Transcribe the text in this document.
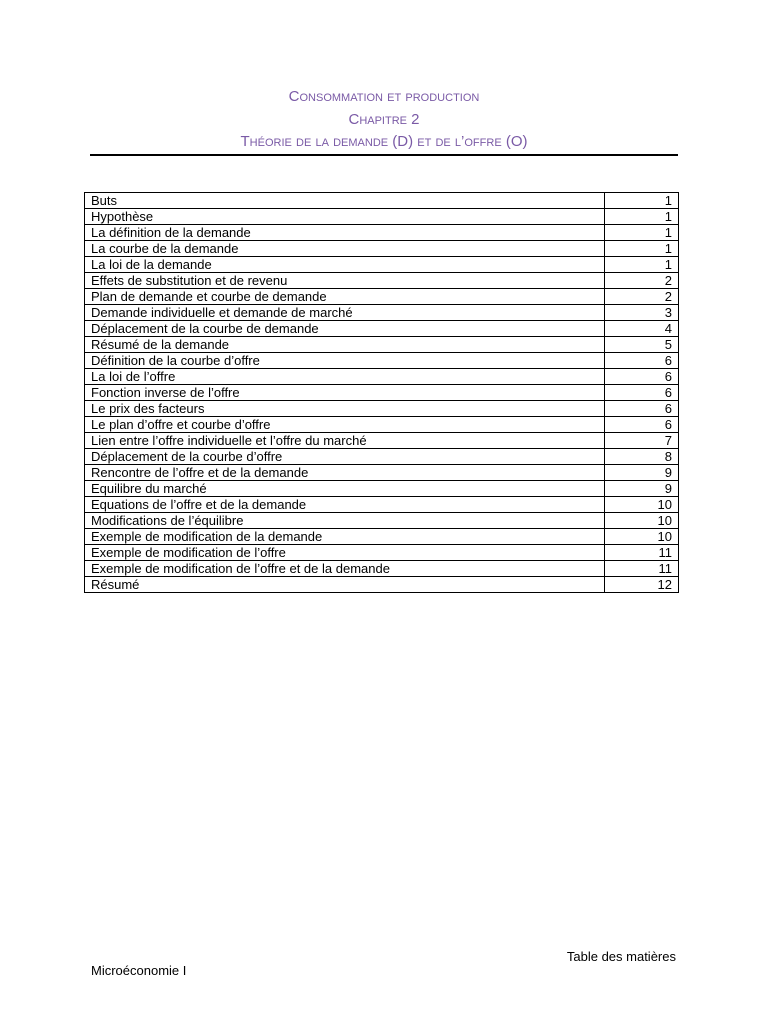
Consommation et production
Chapitre 2
Théorie de la demande (D) et de l’offre (O)
Buts	1
Hypothèse	1
La définition de la demande	1
La courbe de la demande	1
La loi de la demande	1
Effets de substitution et de revenu	2
Plan de demande et courbe de demande	2
Demande individuelle et demande de marché	3
Déplacement de la courbe de demande	4
Résumé de la demande	5
Définition de la courbe d’offre	6
La loi de l’offre	6
Fonction inverse de l’offre	6
Le prix des facteurs	6
Le plan d’offre et courbe d’offre	6
Lien entre l’offre individuelle et l’offre du marché	7
Déplacement de la courbe d’offre	8
Rencontre de l’offre et de la demande	9
Equilibre du marché	9
Equations de l’offre et de la demande	10
Modifications de l’équilibre	10
Exemple de modification de la demande	10
Exemple de modification de l’offre	11
Exemple de modification de l’offre et de la demande	11
Résumé	12
Table des matières
Microéconomie I
